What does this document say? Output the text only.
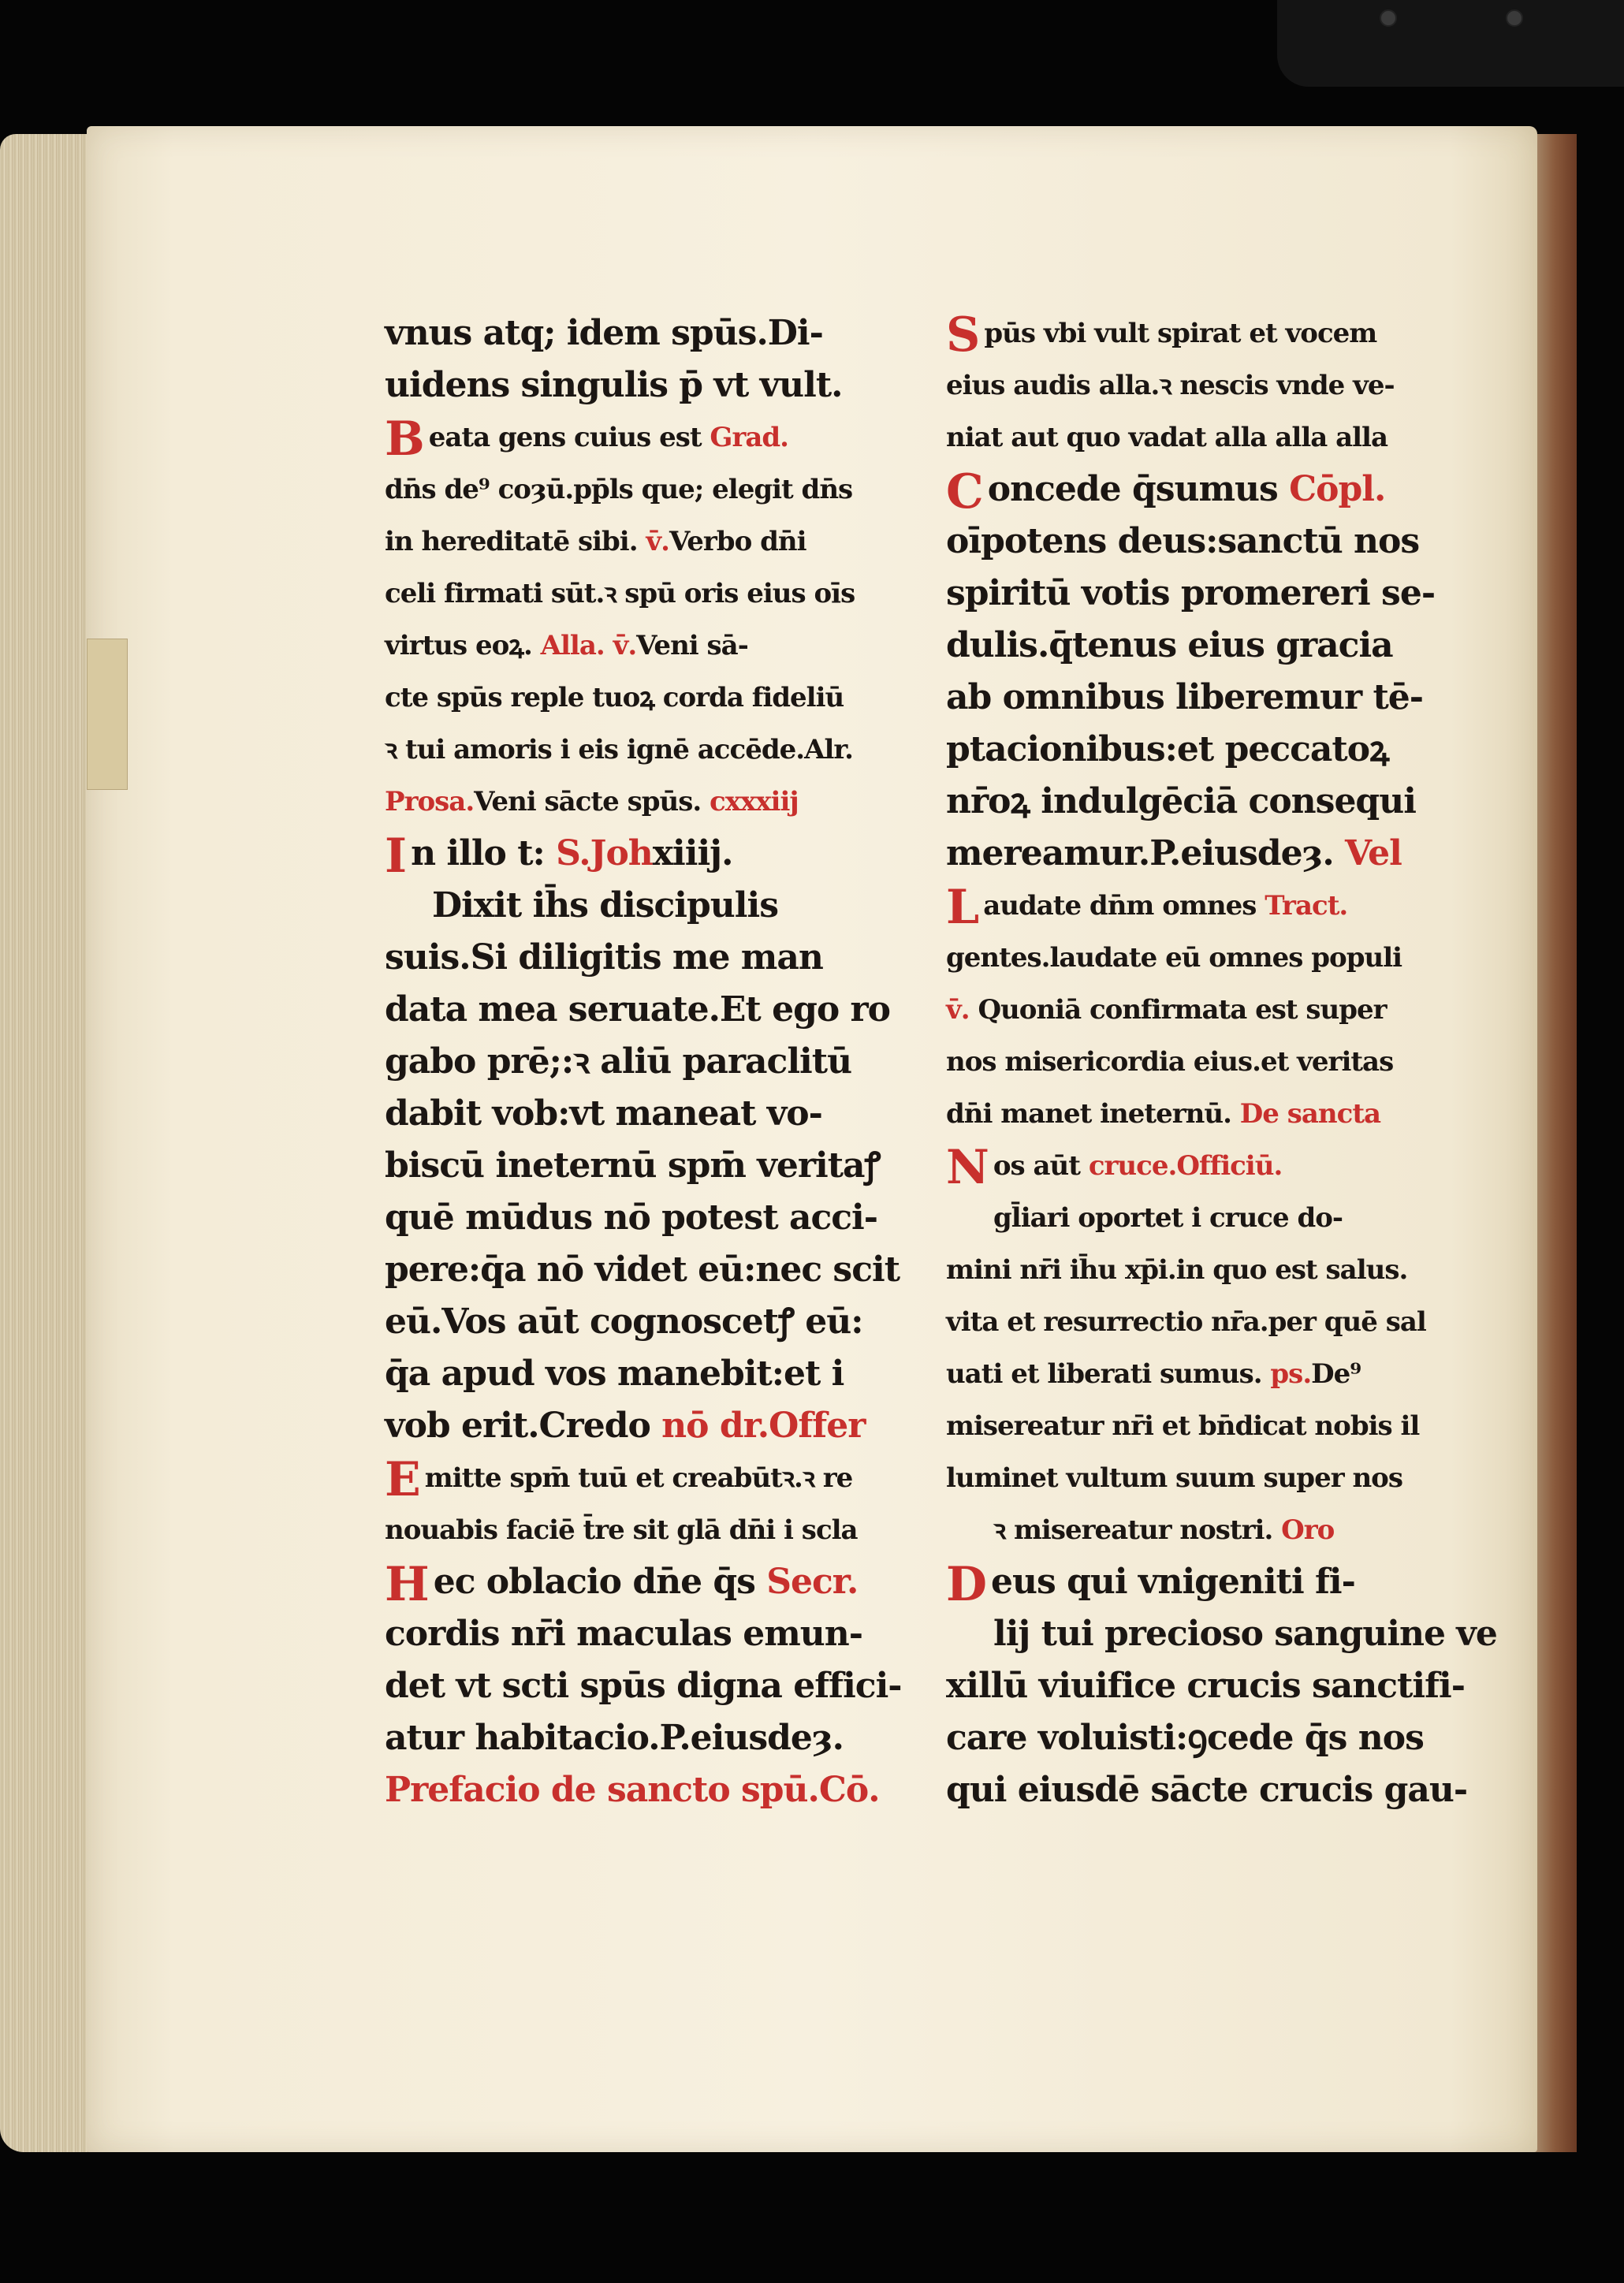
vnus atq; idem spūs.Di-
uidens singulis p̄ vt vult.
Beata gens cuius est Grad.
dn̄s de⁹ coȝū.pp̄ls que; elegit dn̄s
in hereditatē sibi. v̄.Verbo dn̄i
celi firmati sūt.ꝛ spū oris eius oīs
virtus eoꝝ. Alla. v̄.Veni sā-
cte spūs reple tuoꝝ corda fideliū
ꝛ tui amoris i eis ignē accēde.Alr.
Prosa.Veni sācte spūs. cxxxiij
I n illo t: S.Johxiiij.
Dixit ih̄s discipulis
suis.Si diligitis me man
data mea seruate.Et ego ro
gabo prē;:ꝛ aliū paraclitū
dabit vob:vt maneat vo-
biscū ineternū spm̄ veritaꝭ
quē mūdus nō potest acci-
pere:q̄a nō videt eū:nec scit
eū.Vos aūt cognoscetꝭ eū:
q̄a apud vos manebit:et i
vob erit.Credo nō dr.Offer
Emitte spm̄ tuū et creabūtꝛ.ꝛ re
nouabis faciē t̄re sit glā dn̄i i scla
H ec oblacio dn̄e q̄s Secr.
cordis nr̄i maculas emun-
det vt scti spūs digna effici-
atur habitacio.P.eiusdeȝ.
Prefacio de sancto spū.Cō.
Spūs vbi vult spirat et vocem
eius audis alla.ꝛ nescis vnde ve-
niat aut quo vadat alla alla alla
C oncede q̄sumus Cōpl.
oīpotens deus:sanctū nos
spiritū votis promereri se-
dulis.q̄tenus eius gracia
ab omnibus liberemur tē-
ptacionibus:et peccatoꝝ
nr̄oꝝ indulgēciā consequi
mereamur.P.eiusdeȝ. Vel
Laudate dn̄m omnes Tract.
gentes.laudate eū omnes populi
v̄. Quoniā confirmata est super
nos misericordia eius.et veritas
dn̄i manet ineternū. De sancta
Nos aūt cruce.Officiū.
gl̄iari oportet i cruce do-
mini nr̄i ih̄u xp̄i.in quo est salus.
vita et resurrectio nr̄a.per quē sal
uati et liberati sumus. ps.De⁹
misereatur nr̄i et bn̄dicat nobis il
luminet vultum suum super nos
ꝛ misereatur nostri. Oro
D eus qui vnigeniti fi-
lij tui precioso sanguine ve
xillū viuifice crucis sanctifi-
care voluisti:ꝯcede q̄s nos
qui eiusdē sācte crucis gau-
